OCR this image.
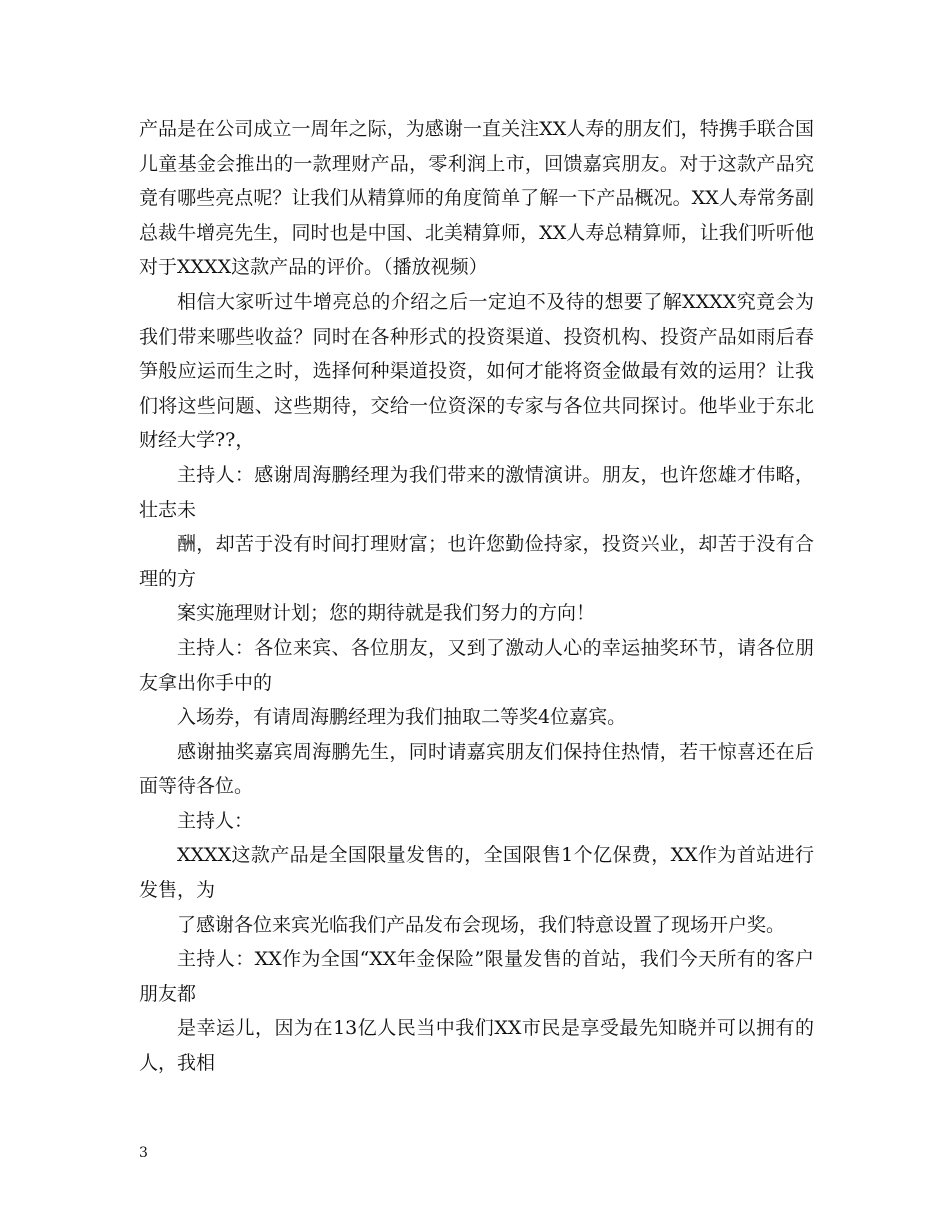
产品是在公司成立一周年之际，为感谢一直关注XX人寿的朋友们，特携手联合国儿童基金会推出的一款理财产品，零利润上市，回馈嘉宾朋友。对于这款产品究竟有哪些亮点呢？让我们从精算师的角度简单了解一下产品概况。XX人寿常务副总裁牛增亮先生，同时也是中国、北美精算师，XX人寿总精算师，让我们听听他对于XXXX这款产品的评价。（播放视频）

相信大家听过牛增亮总的介绍之后一定迫不及待的想要了解XXXX究竟会为我们带来哪些收益？同时在各种形式的投资渠道、投资机构、投资产品如雨后春笋般应运而生之时，选择何种渠道投资，如何才能将资金做最有效的运用？让我们将这些问题、这些期待，交给一位资深的专家与各位共同探讨。他毕业于东北财经大学??，

主持人：感谢周海鹏经理为我们带来的激情演讲。朋友，也许您雄才伟略，壮志未

酬，却苦于没有时间打理财富；也许您勤俭持家，投资兴业，却苦于没有合理的方

案实施理财计划；您的期待就是我们努力的方向！

主持人：各位来宾、各位朋友，又到了激动人心的幸运抽奖环节，请各位朋友拿出你手中的

入场券，有请周海鹏经理为我们抽取二等奖4位嘉宾。

感谢抽奖嘉宾周海鹏先生，同时请嘉宾朋友们保持住热情，若干惊喜还在后面等待各位。

主持人：

XXXX这款产品是全国限量发售的，全国限售1个亿保费，XX作为首站进行发售，为

了感谢各位来宾光临我们产品发布会现场，我们特意设置了现场开户奖。

主持人：XX作为全国“XX年金保险”限量发售的首站，我们今天所有的客户朋友都

是幸运儿，因为在13亿人民当中我们XX市民是享受最先知晓并可以拥有的人，我相

3
